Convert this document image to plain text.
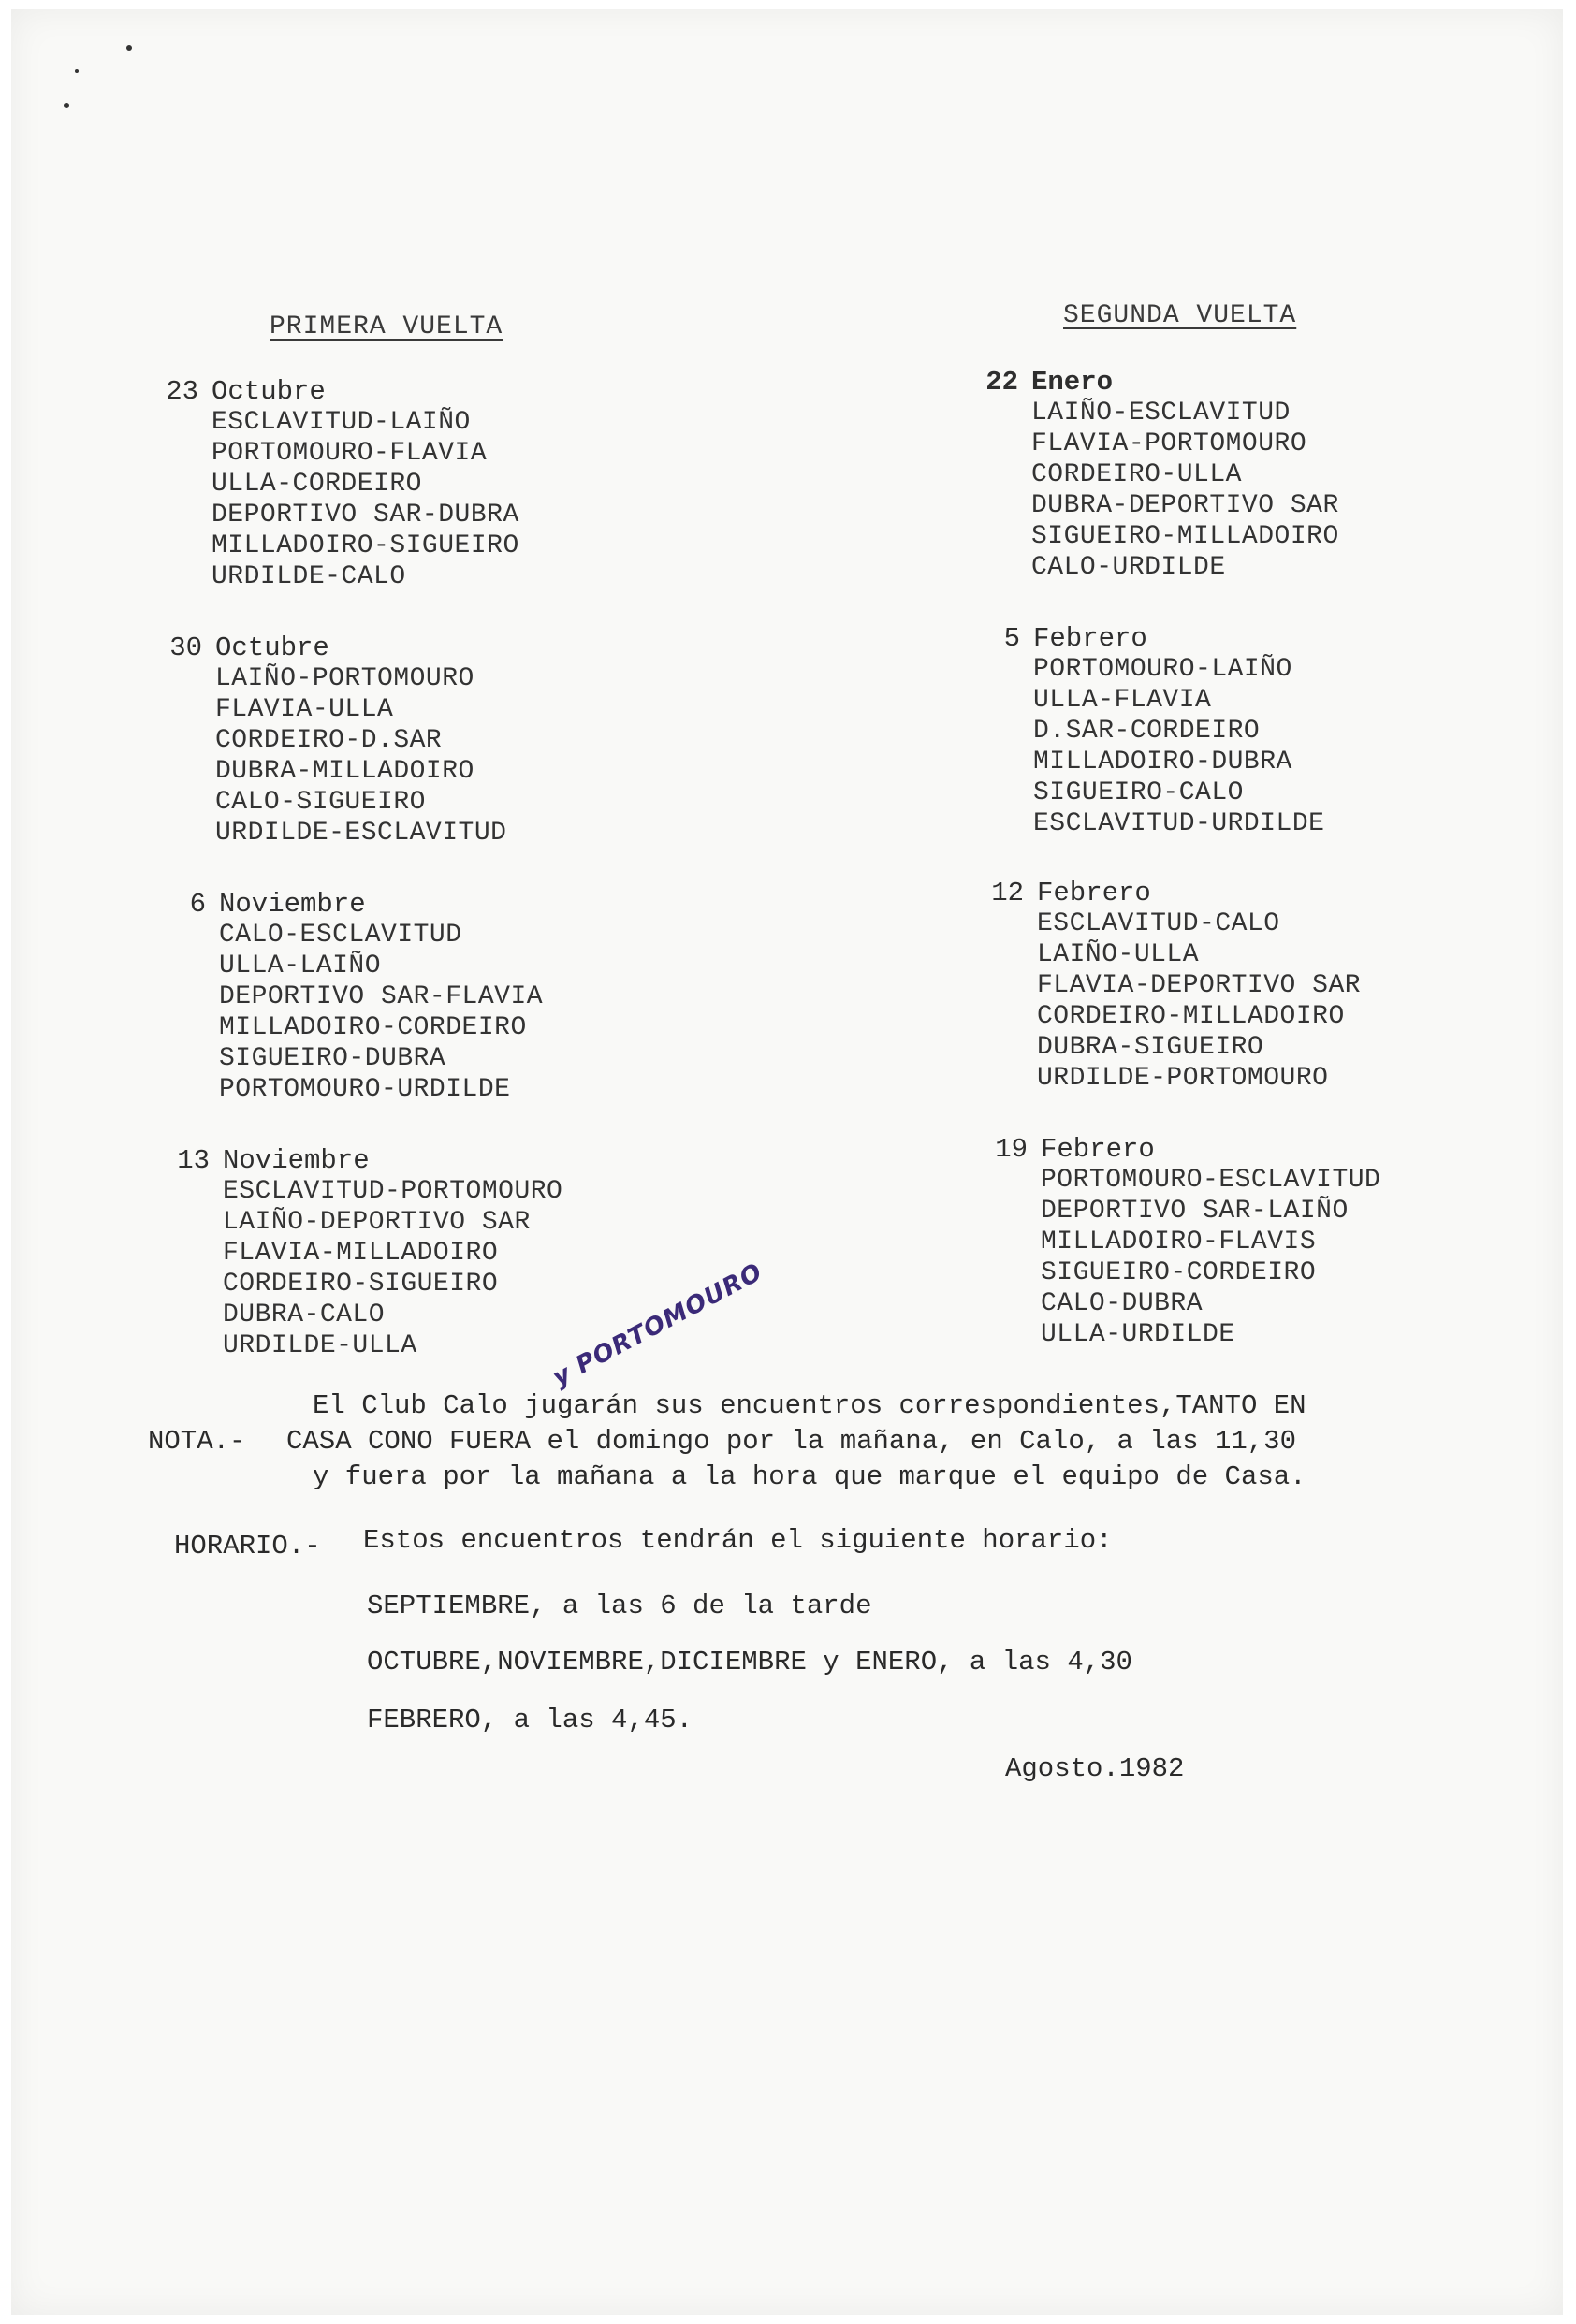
PRIMERA VUELTA	SEGUNDA VUELTA
23 Octubre
ESCLAVITUD-LAIÑO
PORTOMOURO-FLAVIA
ULLA-CORDEIRO
DEPORTIVO SAR-DUBRA
MILLADOIRO-SIGUEIRO
URDILDE-CALO
30 Octubre
LAIÑO-PORTOMOURO
FLAVIA-ULLA
CORDEIRO-D.SAR
DUBRA-MILLADOIRO
CALO-SIGUEIRO
URDILDE-ESCLAVITUD
6 Noviembre
CALO-ESCLAVITUD
ULLA-LAIÑO
DEPORTIVO SAR-FLAVIA
MILLADOIRO-CORDEIRO
SIGUEIRO-DUBRA
PORTOMOURO-URDILDE
13 Noviembre
ESCLAVITUD-PORTOMOURO
LAIÑO-DEPORTIVO SAR
FLAVIA-MILLADOIRO
CORDEIRO-SIGUEIRO
DUBRA-CALO
URDILDE-ULLA
22 Enero
LAIÑO-ESCLAVITUD
FLAVIA-PORTOMOURO
CORDEIRO-ULLA
DUBRA-DEPORTIVO SAR
SIGUEIRO-MILLADOIRO
CALO-URDILDE
5 Febrero
PORTOMOURO-LAIÑO
ULLA-FLAVIA
D.SAR-CORDEIRO
MILLADOIRO-DUBRA
SIGUEIRO-CALO
ESCLAVITUD-URDILDE
12 Febrero
ESCLAVITUD-CALO
LAIÑO-ULLA
FLAVIA-DEPORTIVO SAR
CORDEIRO-MILLADOIRO
DUBRA-SIGUEIRO
URDILDE-PORTOMOURO
19 Febrero
PORTOMOURO-ESCLAVITUD
DEPORTIVO SAR-LAIÑO
MILLADOIRO-FLAVIS
SIGUEIRO-CORDEIRO
CALO-DUBRA
ULLA-URDILDE
y PORTOMOURO
El Club Calo jugarán sus encuentros correspondientes,TANTO EN
NOTA.- CASA CONO FUERA el domingo por la mañana, en Calo, a las 11,30
y fuera por la mañana a la hora que marque el equipo de Casa.
HORARIO.- Estos encuentros tendrán el siguiente horario:
SEPTIEMBRE, a las 6 de la tarde
OCTUBRE,NOVIEMBRE,DICIEMBRE y ENERO, a las 4,30
FEBRERO, a las 4,45.
Agosto.1982
